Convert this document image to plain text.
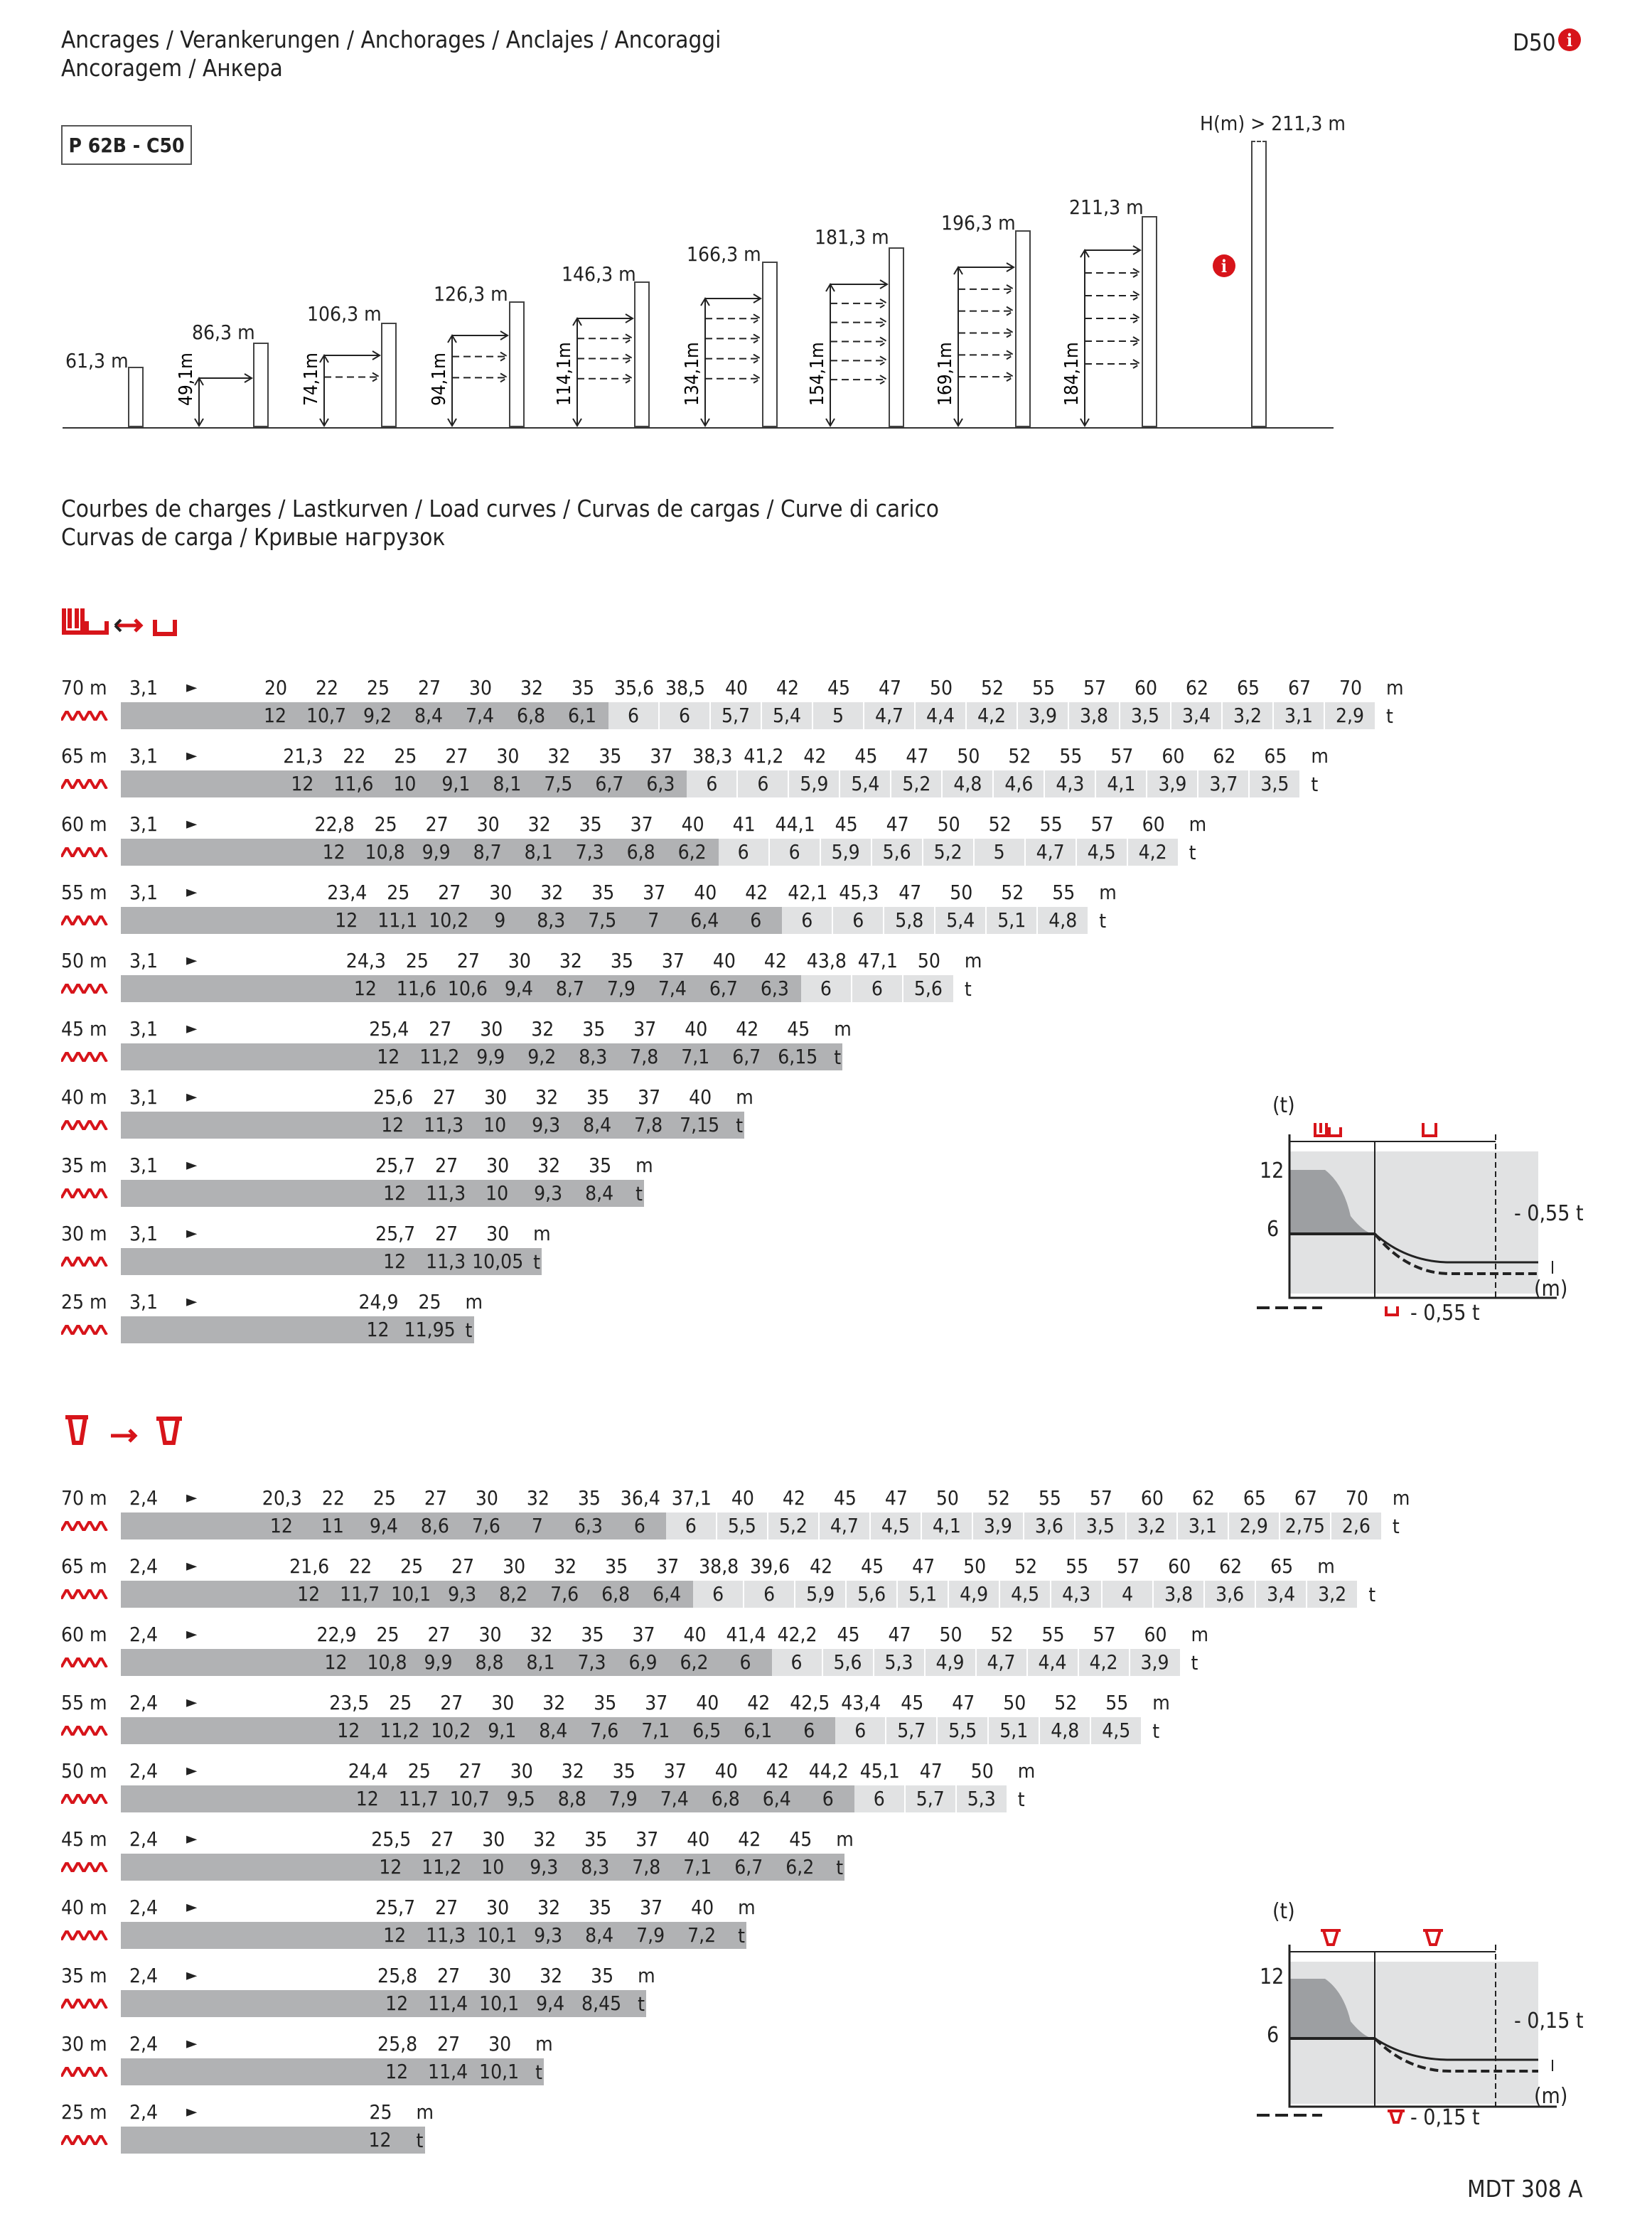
Ancrages / Verankerungen / Anchorages / Anclajes / Ancoraggi
Ancoragem / Анкера
D50 i
P 62B - C50
49,1m	74,1m	94,1m	114,1m	134,1m	154,1m	169,1m	184,1m
i
Courbes de charges / Lastkurven / Load curves / Curvas de cargas / Curve di carico
Curvas de carga / Кривые нагрузок
70 m 3,1 ►	20	22	25	27	30	32	35 35,6 38,5 40	42	45	47	50	52	55	57	60	62	65	67	70	m
12 10,7 9,2	8,4	7,4	6,8	6,1	6	6	5,7	5,4	5	4,7	4,4	4,2	3,9	3,8	3,5	3,4	3,2	3,1	2,9	t
65 m 3,1 ►	21,3 22	25	27	30	32	35	37 38,3 41,2 42	45	47	50	52	55	57	60	62	65	m
12 11,6 10	9,1	8,1	7,5	6,7	6,3	6	6	5,9	5,4	5,2	4,8	4,6	4,3	4,1	3,9	3,7	3,5	t
60 m 3,1 ►	22,8 25	27	30	32	35	37	40	41 44,1 45	47	50	52	55	57	60	m
12 10,8 9,9	8,7	8,1	7,3	6,8	6,2	6	6	5,9	5,6	5,2	5	4,7	4,5	4,2	t
55 m 3,1 ►	23,4 25	27	30	32	35	37	40	42 42,1 45,3 47	50	52	55	m
12 11,1 10,2	9	8,3	7,5	7	6,4	6	6	6	5,8	5,4	5,1	4,8	t
50 m 3,1 ►	24,3 25	27	30	32	35	37	40	42 43,8 47,1 50	m
12 11,6 10,6 9,4	8,7	7,9	7,4	6,7	6,3	6	6	5,6	t
45 m 3,1 ►	25,4 27	30	32	35	37	40	42	45	m
12 11,2 9,9	9,2	8,3	7,8	7,1	6,7 6,15 t
40 m 3,1 ►	25,6 27	30	32	35	37	40	m
12 11,3 10	9,3	8,4	7,8 7,15 t
35 m 3,1 ►	25,7 27	30	32	35	m
12 11,3 10	9,3	8,4	t
30 m 3,1 ►	25,7 27	30	m
12 11,3 10,05 t
25 m 3,1 ►	24,9 25	m
12 11,95 t
70 m 2,4 ►	20,3 22	25	27	30	32	35 36,4 37,1 40	42	45	47	50	52	55	57	60	62	65	67	70	m
12	11	9,4	8,6	7,6	7	6,3	6	6	5,5	5,2	4,7	4,5	4,1	3,9	3,6	3,5	3,2	3,1	2,9 2,75 2,6	t
65 m 2,4 ►	21,6 22	25	27	30	32	35	37 38,8 39,6 42	45	47	50	52	55	57	60	62	65	m
12 11,7 10,1 9,3	8,2	7,6	6,8	6,4	6	6	5,9	5,6	5,1	4,9	4,5	4,3	4	3,8	3,6	3,4	3,2	t
60 m 2,4 ►	22,9 25	27	30	32	35	37	40 41,4 42,2 45	47	50	52	55	57	60	m
12 10,8 9,9	8,8	8,1	7,3	6,9	6,2	6	6	5,6	5,3	4,9	4,7	4,4	4,2	3,9	t
55 m 2,4 ►	23,5 25	27	30	32	35	37	40	42 42,5 43,4 45	47	50	52	55	m
12 11,2 10,2 9,1	8,4	7,6	7,1	6,5	6,1	6	6	5,7	5,5	5,1	4,8	4,5	t
50 m 2,4 ►	24,4 25	27	30	32	35	37	40	42 44,2 45,1 47	50	m
12 11,7 10,7 9,5	8,8	7,9	7,4	6,8	6,4	6	6	5,7	5,3	t
45 m 2,4 ►	25,5 27	30	32	35	37	40	42	45	m
12 11,2 10	9,3	8,3	7,8	7,1	6,7	6,2	t
40 m 2,4 ►	25,7 27	30	32	35	37	40	m
12 11,3 10,1 9,3	8,4	7,9	7,2	t
35 m 2,4 ►	25,8 27	30	32	35	m
12 11,4 10,1 9,4 8,45 t
30 m 2,4 ►	25,8 27	30	m
12 11,4 10,1 t
25 m 2,4 ►	25	m
12	t
(t)
12
6
- 0,55 t
(m)
- 0,55 t
(t)
12
6
- 0,15 t
(m)
- 0,15 t
MDT 308 A
61,3 m
86,3 m
106,3 m
126,3 m
146,3 m
166,3 m
181,3 m
196,3 m
211,3 m
H(m) > 211,3 m
